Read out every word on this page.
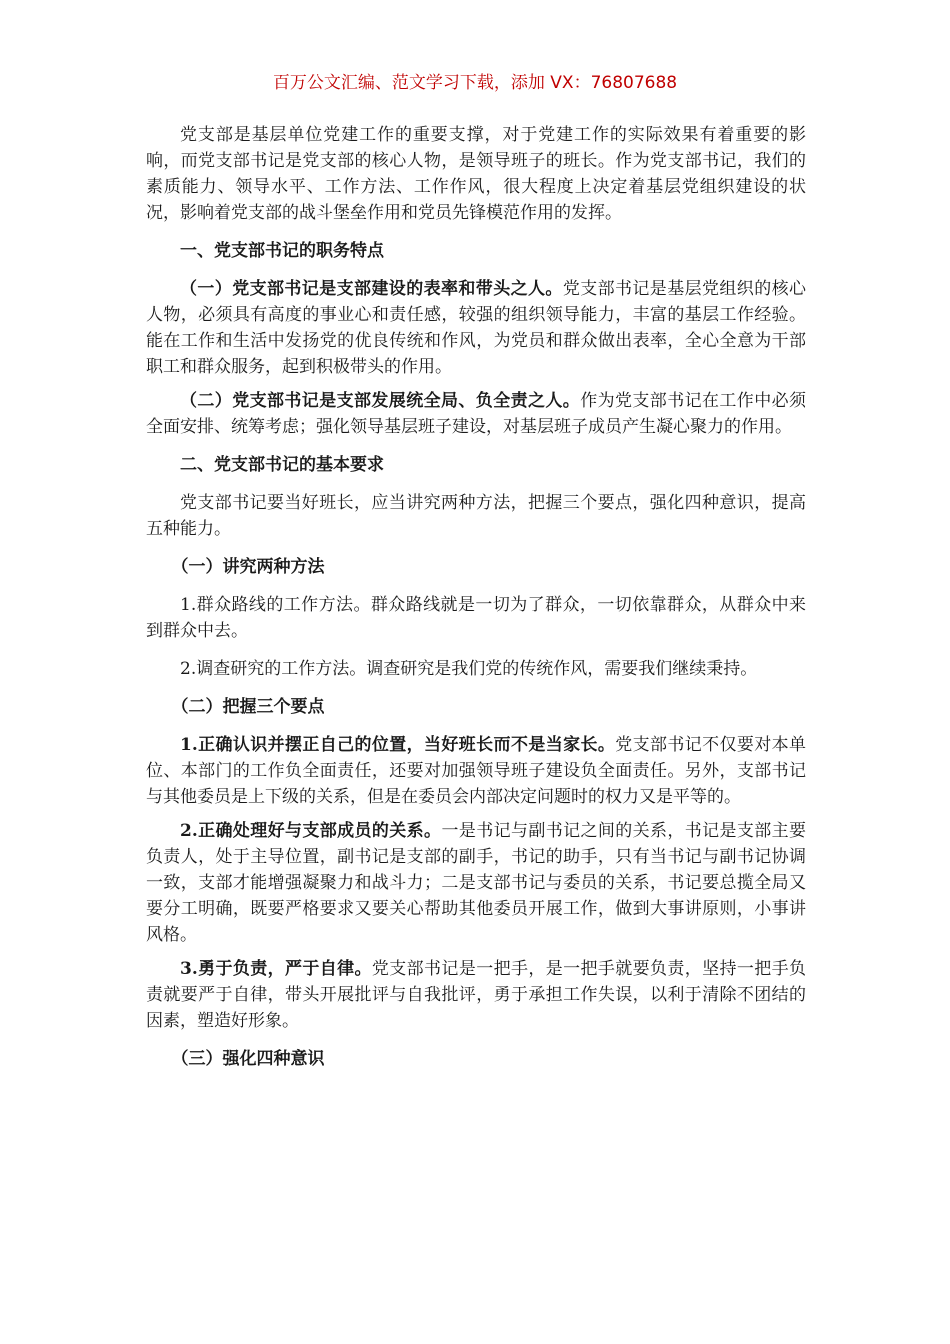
百万公文汇编、范文学习下载，添加 VX：76807688

党支部是基层单位党建工作的重要支撑，对于党建工作的实际效果有着重要的影响，而党支部书记是党支部的核心人物，是领导班子的班长。作为党支部书记，我们的素质能力、领导水平、工作方法、工作作风，很大程度上决定着基层党组织建设的状况，影响着党支部的战斗堡垒作用和党员先锋模范作用的发挥。

一、党支部书记的职务特点

（一）党支部书记是支部建设的表率和带头之人。党支部书记是基层党组织的核心人物，必须具有高度的事业心和责任感，较强的组织领导能力，丰富的基层工作经验。能在工作和生活中发扬党的优良传统和作风，为党员和群众做出表率，全心全意为干部职工和群众服务，起到积极带头的作用。

（二）党支部书记是支部发展统全局、负全责之人。作为党支部书记在工作中必须全面安排、统筹考虑；强化领导基层班子建设，对基层班子成员产生凝心聚力的作用。

二、党支部书记的基本要求

党支部书记要当好班长，应当讲究两种方法，把握三个要点，强化四种意识，提高五种能力。

（一）讲究两种方法

1.群众路线的工作方法。群众路线就是一切为了群众，一切依靠群众，从群众中来到群众中去。

2.调查研究的工作方法。调查研究是我们党的传统作风，需要我们继续秉持。

（二）把握三个要点

1.正确认识并摆正自己的位置，当好班长而不是当家长。党支部书记不仅要对本单位、本部门的工作负全面责任，还要对加强领导班子建设负全面责任。另外，支部书记与其他委员是上下级的关系，但是在委员会内部决定问题时的权力又是平等的。

2.正确处理好与支部成员的关系。一是书记与副书记之间的关系，书记是支部主要负责人，处于主导位置，副书记是支部的副手，书记的助手，只有当书记与副书记协调一致，支部才能增强凝聚力和战斗力；二是支部书记与委员的关系，书记要总揽全局又要分工明确，既要严格要求又要关心帮助其他委员开展工作，做到大事讲原则，小事讲风格。

3.勇于负责，严于自律。党支部书记是一把手，是一把手就要负责，坚持一把手负责就要严于自律，带头开展批评与自我批评，勇于承担工作失误，以利于清除不团结的因素，塑造好形象。

（三）强化四种意识
